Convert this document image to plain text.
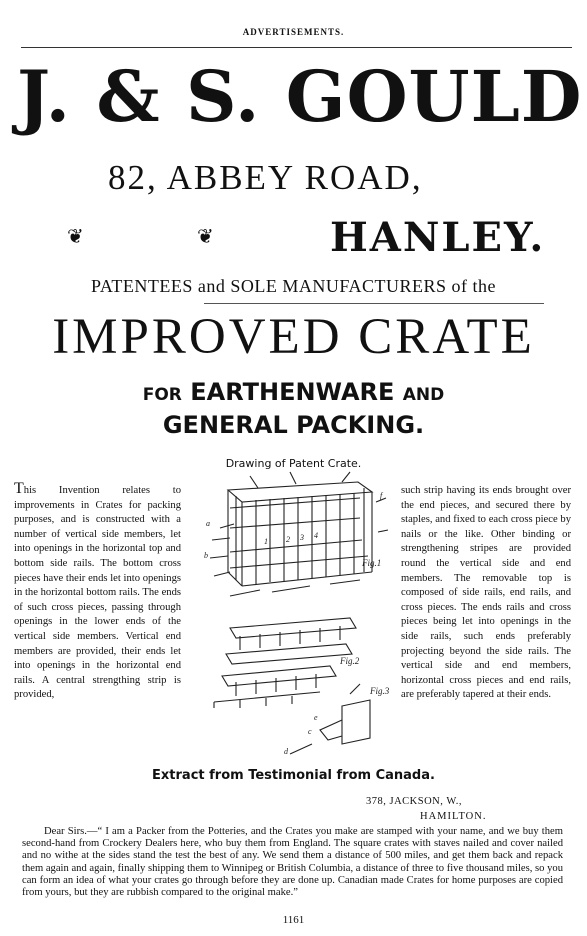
ADVERTISEMENTS.
J. & S. GOULD
82, ABBEY ROAD,
❦	❦	HANLEY.
PATENTEES and SOLE MANUFACTURERS of the
IMPROVED CRATE
FOR EARTHENWARE AND
GENERAL PACKING.
Drawing of Patent Crate.

This Invention relates to improvements in Crates for packing purposes, and is constructed with a number of vertical side members, let into openings in the horizontal top and bottom side rails. The bottom cross pieces have their ends let into openings in the horizontal bottom rails. The ends of such cross pieces, passing through openings in the lower ends of the vertical side members. Vertical end members are provided, their ends let into openings in the horizontal end rails. A central strengthing strip is provided,

1 2 3 4
Fig.1
Fig.2
Fig.3
a
b
c
d
e
f such strip having its ends brought over the end pieces, and secured there by staples, and fixed to each cross piece by nails or the like. Other binding or strengthening stripes are provided round the vertical side and end members. The removable top is composed of side rails, end rails, and cross pieces. The ends rails and cross pieces being let into openings in the side rails, such ends preferably projecting beyond the side rails. The vertical side and end members, horizontal cross pieces and end rails, are preferably tapered at their ends.

Extract from Testimonial from Canada.
378, JACKSON, W.,
HAMILTON.

Dear Sirs.—“ I am a Packer from the Potteries, and the Crates you make are stamped with your name, and we buy them second-hand from Crockery Dealers here, who buy them from England. The square crates with staves nailed and cover nailed and no withe at the sides stand the test the best of any. We send them a distance of 500 miles, and get them back and repack them again and again, finally shipping them to Winnipeg or British Columbia, a distance of three to five thousand miles, so you can form an idea of what your crates go through before they are done up. Canadian made Crates for home purposes are copied from yours, but they are rubbish compared to the original make.”

1161
